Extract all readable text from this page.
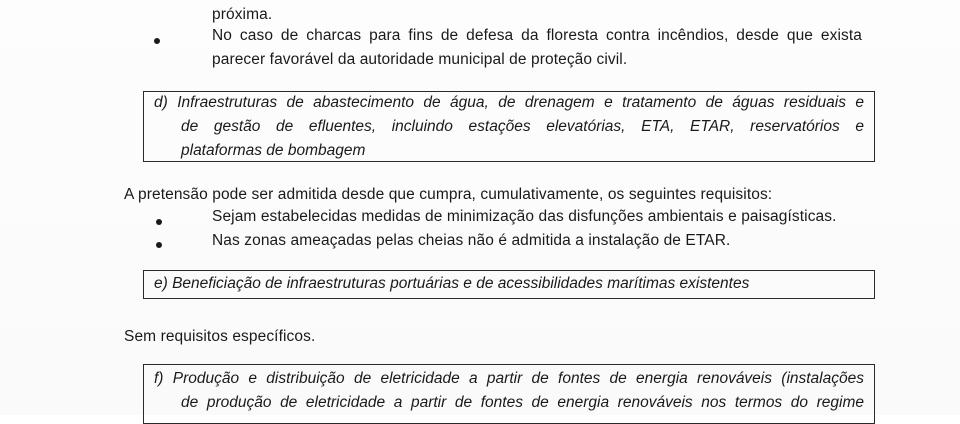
próxima.
No caso de charcas para fins de defesa da floresta contra incêndios, desde que exista
parecer favorável da autoridade municipal de proteção civil.
d) Infraestruturas de abastecimento de água, de drenagem e tratamento de águas residuais e
de gestão de efluentes, incluindo estações elevatórias, ETA, ETAR, reservatórios e
plataformas de bombagem
A pretensão pode ser admitida desde que cumpra, cumulativamente, os seguintes requisitos:
Sejam estabelecidas medidas de minimização das disfunções ambientais e paisagísticas.
Nas zonas ameaçadas pelas cheias não é admitida a instalação de ETAR.
e) Beneficiação de infraestruturas portuárias e de acessibilidades marítimas existentes
Sem requisitos específicos.
f) Produção e distribuição de eletricidade a partir de fontes de energia renováveis (instalações
de produção de eletricidade a partir de fontes de energia renováveis nos termos do regime
